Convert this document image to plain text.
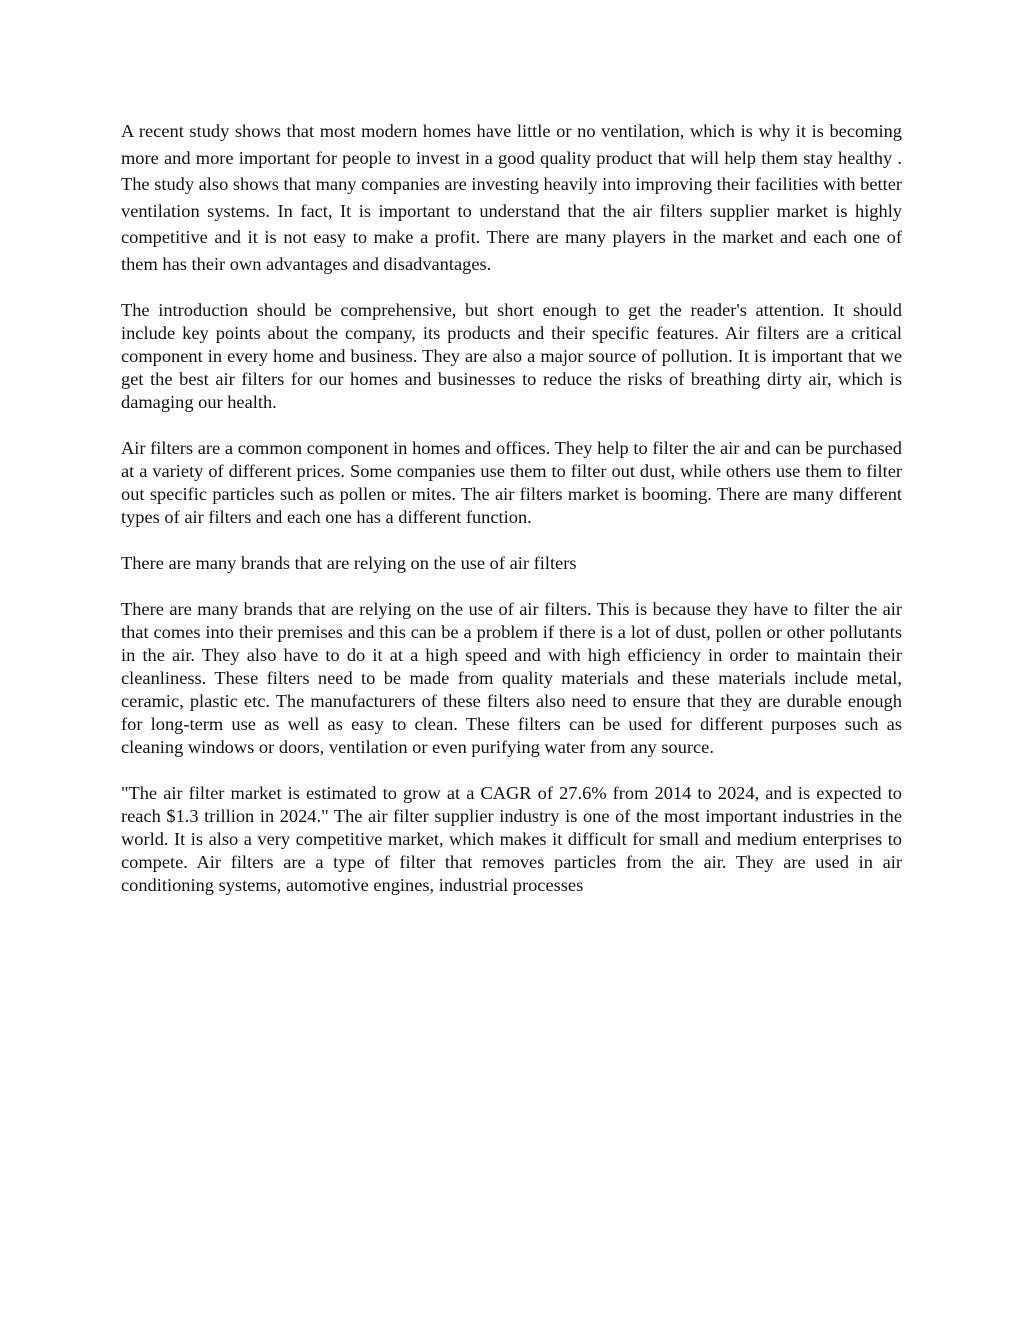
A recent study shows that most modern homes have little or no ventilation, which is why it is becoming more and more important for people to invest in a good quality product that will help them stay healthy . The study also shows that many companies are investing heavily into improving their facilities with better ventilation systems. In fact, It is important to understand that the air filters supplier market is highly competitive and it is not easy to make a profit. There are many players in the market and each one of them has their own advantages and disadvantages.

The introduction should be comprehensive, but short enough to get the reader's attention. It should include key points about the company, its products and their specific features. Air filters are a critical component in every home and business. They are also a major source of pollution. It is important that we get the best air filters for our homes and businesses to reduce the risks of breathing dirty air, which is damaging our health.

Air filters are a common component in homes and offices. They help to filter the air and can be purchased at a variety of different prices. Some companies use them to filter out dust, while others use them to filter out specific particles such as pollen or mites. The air filters market is booming. There are many different types of air filters and each one has a different function.

There are many brands that are relying on the use of air filters

There are many brands that are relying on the use of air filters. This is because they have to filter the air that comes into their premises and this can be a problem if there is a lot of dust, pollen or other pollutants in the air. They also have to do it at a high speed and with high efficiency in order to maintain their cleanliness. These filters need to be made from quality materials and these materials include metal, ceramic, plastic etc. The manufacturers of these filters also need to ensure that they are durable enough for long-term use as well as easy to clean. These filters can be used for different purposes such as cleaning windows or doors, ventilation or even purifying water from any source.

"The air filter market is estimated to grow at a CAGR of 27.6% from 2014 to 2024, and is expected to reach $1.3 trillion in 2024." The air filter supplier industry is one of the most important industries in the world. It is also a very competitive market, which makes it difficult for small and medium enterprises to compete. Air filters are a type of filter that removes particles from the air. They are used in air conditioning systems, automotive engines, industrial processes
